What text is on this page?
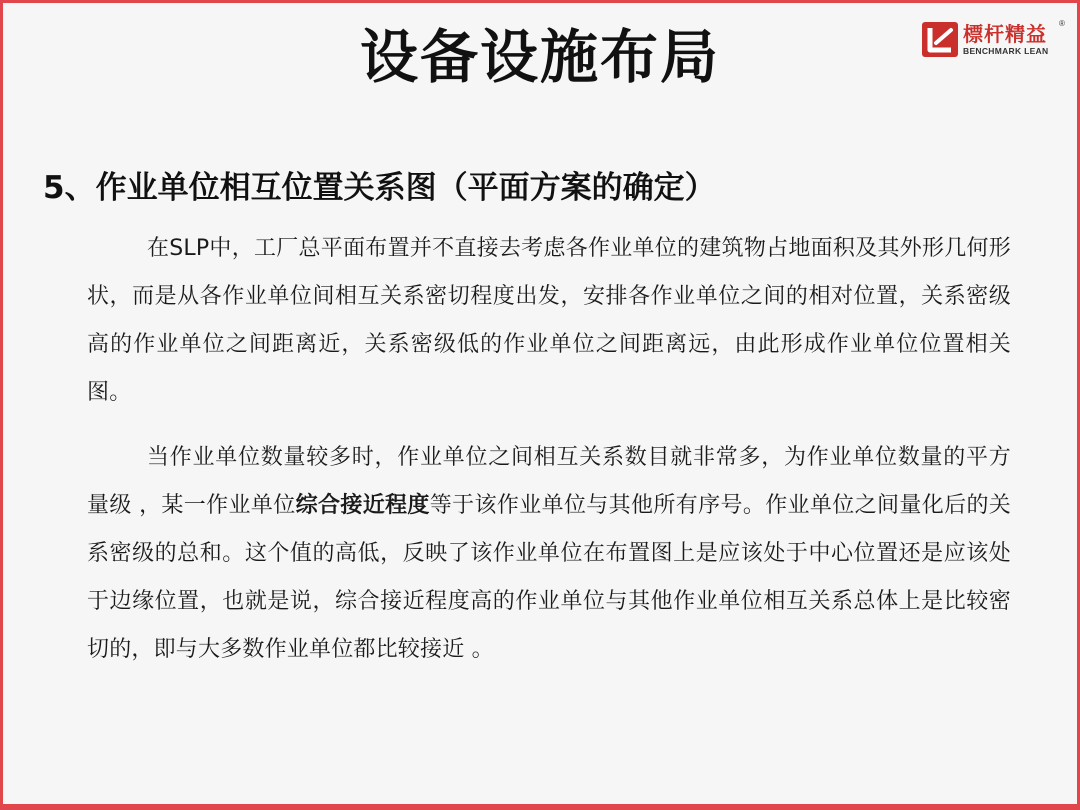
设备设施布局	標杆精益
BENCHMARK LEAN
®
5、作业单位相互位置关系图（平面方案的确定）
在SLP中，工厂总平面布置并不直接去考虑各作业单位的建筑物占地面积及其外形几何形状，而是从各作业单位间相互关系密切程度出发，安排各作业单位之间的相对位置，关系密级高的作业单位之间距离近，关系密级低的作业单位之间距离远，由此形成作业单位位置相关图。
当作业单位数量较多时，作业单位之间相互关系数目就非常多，为作业单位数量的平方量级 ，某一作业单位综合接近程度等于该作业单位与其他所有序号。作业单位之间量化后的关系密级的总和。这个值的高低，反映了该作业单位在布置图上是应该处于中心位置还是应该处于边缘位置，也就是说，综合接近程度高的作业单位与其他作业单位相互关系总体上是比较密切的，即与大多数作业单位都比较接近 。
